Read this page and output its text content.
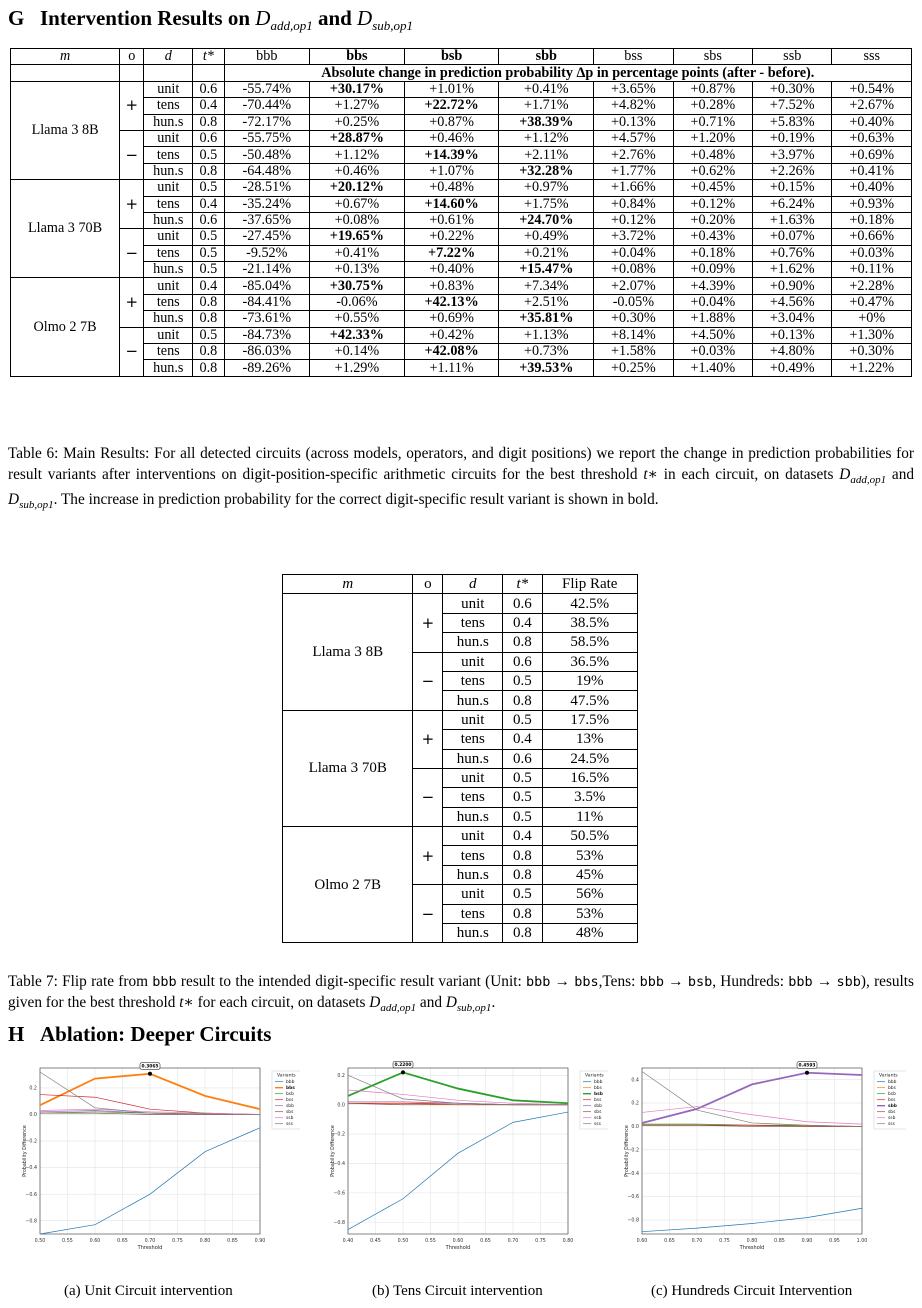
G Intervention Results on $D_{add,op1}$ and $D_{sub,op1}$
m	o	d	t*	bbb	bbs	bsb	sbb	bss	sbs	ssb	sss
				Absolute change in prediction probability Δp in percentage points (after - before).							
Llama 3 8B	+	unit	0.6	-55.74%	+30.17%	+1.01%	+0.41%	+3.65%	+0.87%	+0.30%	+0.54%
		tens	0.4	-70.44%	+1.27%	+22.72%	+1.71%	+4.82%	+0.28%	+7.52%	+2.67%
		hun.s	0.8	-72.17%	+0.25%	+0.87%	+38.39%	+0.13%	+0.71%	+5.83%	+0.40%
	−	unit	0.6	-55.75%	+28.87%	+0.46%	+1.12%	+4.57%	+1.20%	+0.19%	+0.63%
		tens	0.5	-50.48%	+1.12%	+14.39%	+2.11%	+2.76%	+0.48%	+3.97%	+0.69%
		hun.s	0.8	-64.48%	+0.46%	+1.07%	+32.28%	+1.77%	+0.62%	+2.26%	+0.41%
Llama 3 70B	+	unit	0.5	-28.51%	+20.12%	+0.48%	+0.97%	+1.66%	+0.45%	+0.15%	+0.40%
		tens	0.4	-35.24%	+0.67%	+14.60%	+1.75%	+0.84%	+0.12%	+6.24%	+0.93%
		hun.s	0.6	-37.65%	+0.08%	+0.61%	+24.70%	+0.12%	+0.20%	+1.63%	+0.18%
	−	unit	0.5	-27.45%	+19.65%	+0.22%	+0.49%	+3.72%	+0.43%	+0.07%	+0.66%
		tens	0.5	-9.52%	+0.41%	+7.22%	+0.21%	+0.04%	+0.18%	+0.76%	+0.03%
		hun.s	0.5	-21.14%	+0.13%	+0.40%	+15.47%	+0.08%	+0.09%	+1.62%	+0.11%
Olmo 2 7B	+	unit	0.4	-85.04%	+30.75%	+0.83%	+7.34%	+2.07%	+4.39%	+0.90%	+2.28%
		tens	0.8	-84.41%	-0.06%	+42.13%	+2.51%	-0.05%	+0.04%	+4.56%	+0.47%
		hun.s	0.8	-73.61%	+0.55%	+0.69%	+35.81%	+0.30%	+1.88%	+3.04%	+0%
	−	unit	0.5	-84.73%	+42.33%	+0.42%	+1.13%	+8.14%	+4.50%	+0.13%	+1.30%
		tens	0.8	-86.03%	+0.14%	+42.08%	+0.73%	+1.58%	+0.03%	+4.80%	+0.30%
		hun.s	0.8	-89.26%	+1.29%	+1.11%	+39.53%	+0.25%	+1.40%	+0.49%	+1.22%

Table 6: Main Results: For all detected circuits (across models, operators, and digit positions) we report the change in prediction probabilities for result variants after interventions on digit-position-specific arithmetic circuits for the best threshold t∗ in each circuit, on datasets $D_{add,op1}$ and $D_{sub,op1}$. The increase in prediction probability for the correct digit-specific result variant is shown in bold.

m	o	d	t*	Flip Rate
Llama 3 8B	+	unit	0.6	42.5%
		tens	0.4	38.5%
		hun.s	0.8	58.5%
	−	unit	0.6	36.5%
		tens	0.5	19%
		hun.s	0.8	47.5%
Llama 3 70B	+	unit	0.5	17.5%
		tens	0.4	13%
		hun.s	0.6	24.5%
	−	unit	0.5	16.5%
		tens	0.5	3.5%
		hun.s	0.5	11%
Olmo 2 7B	+	unit	0.4	50.5%
		tens	0.8	53%
		hun.s	0.8	45%
	−	unit	0.5	56%
		tens	0.8	53%
		hun.s	0.8	48%

Table 7: Flip rate from bbb result to the intended digit-specific result variant (Unit: bbb → bbs,Tens: bbb → bsb, Hundreds: bbb → sbb), results given for the best threshold t∗ for each circuit, on datasets $D_{add,op1}$ and $D_{sub,op1}$.

H Ablation: Deeper Circuits
0.50	0.55	0.60	0.65	0.70	0.75	0.80	0.85	0.90
0.2
0.0
−0.2
−0.4
−0.6
−0.8
Threshold
Probability Difference
0.3065
Variants
bbb
bbs
bsb
bss
sbb
sbs
ssb
sss
0.40	0.45	0.50	0.55	0.60	0.65	0.70	0.75	0.80
0.2
0.0
−0.2
−0.4
−0.6
−0.8
Threshold
Probability Difference
0.2200
Variants
bbb
bbs
bsb
bss
sbb
sbs
ssb
sss
0.60	0.65	0.70	0.75	0.80	0.85	0.90	0.95	1.00
0.4
0.2
0.0
−0.2
−0.4
−0.6
−0.8
Threshold
Probability Difference
0.4593
Variants
bbb
bbs
bsb
bss
sbb
sbs
ssb
sss
(a) Unit Circuit intervention	(b) Tens Circuit intervention	(c) Hundreds Circuit Intervention
